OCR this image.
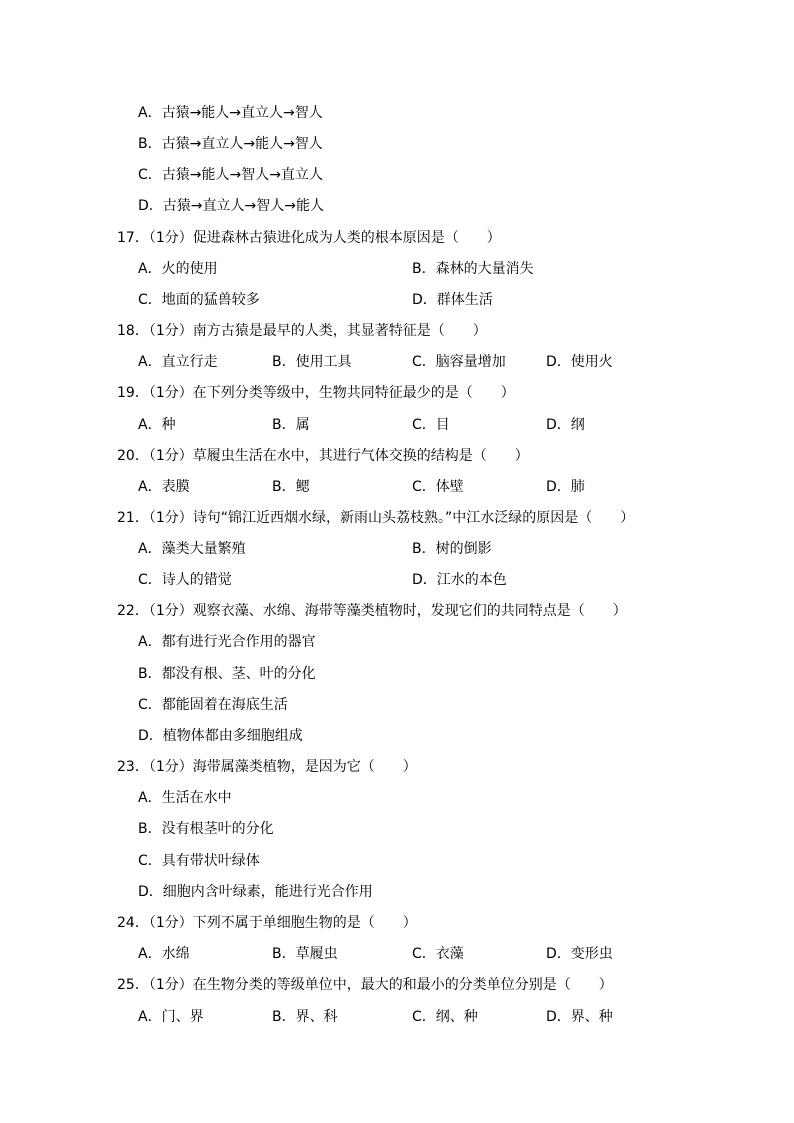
A．古猿→能人→直立人→智人
B．古猿→直立人→能人→智人
C．古猿→能人→智人→直立人
D．古猿→直立人→智人→能人
17．（1分）促进森林古猿进化成为人类的根本原因是（　　）
A．火的使用	B．森林的大量消失
C．地面的猛兽较多	D．群体生活
18．（1分）南方古猿是最早的人类，其显著特征是（　　）
A．直立行走	B．使用工具	C．脑容量增加	D．使用火
19．（1分）在下列分类等级中，生物共同特征最少的是（　　）
A．种	B．属	C．目	D．纲
20．（1分）草履虫生活在水中，其进行气体交换的结构是（　　）
A．表膜	B．鳃	C．体壁	D．肺
21．（1分）诗句“锦江近西烟水绿，新雨山头荔枝熟。”中江水泛绿的原因是（　　）
A．藻类大量繁殖	B．树的倒影
C．诗人的错觉	D．江水的本色
22．（1分）观察衣藻、水绵、海带等藻类植物时，发现它们的共同特点是（　　）
A．都有进行光合作用的器官
B．都没有根、茎、叶的分化
C．都能固着在海底生活
D．植物体都由多细胞组成
23．（1分）海带属藻类植物，是因为它（　　）
A．生活在水中
B．没有根茎叶的分化
C．具有带状叶绿体
D．细胞内含叶绿素，能进行光合作用
24．（1分）下列不属于单细胞生物的是（　　）
A．水绵	B．草履虫	C．衣藻	D．变形虫
25．（1分）在生物分类的等级单位中，最大的和最小的分类单位分别是（　　）
A．门、界	B．界、科	C．纲、种	D．界、种
